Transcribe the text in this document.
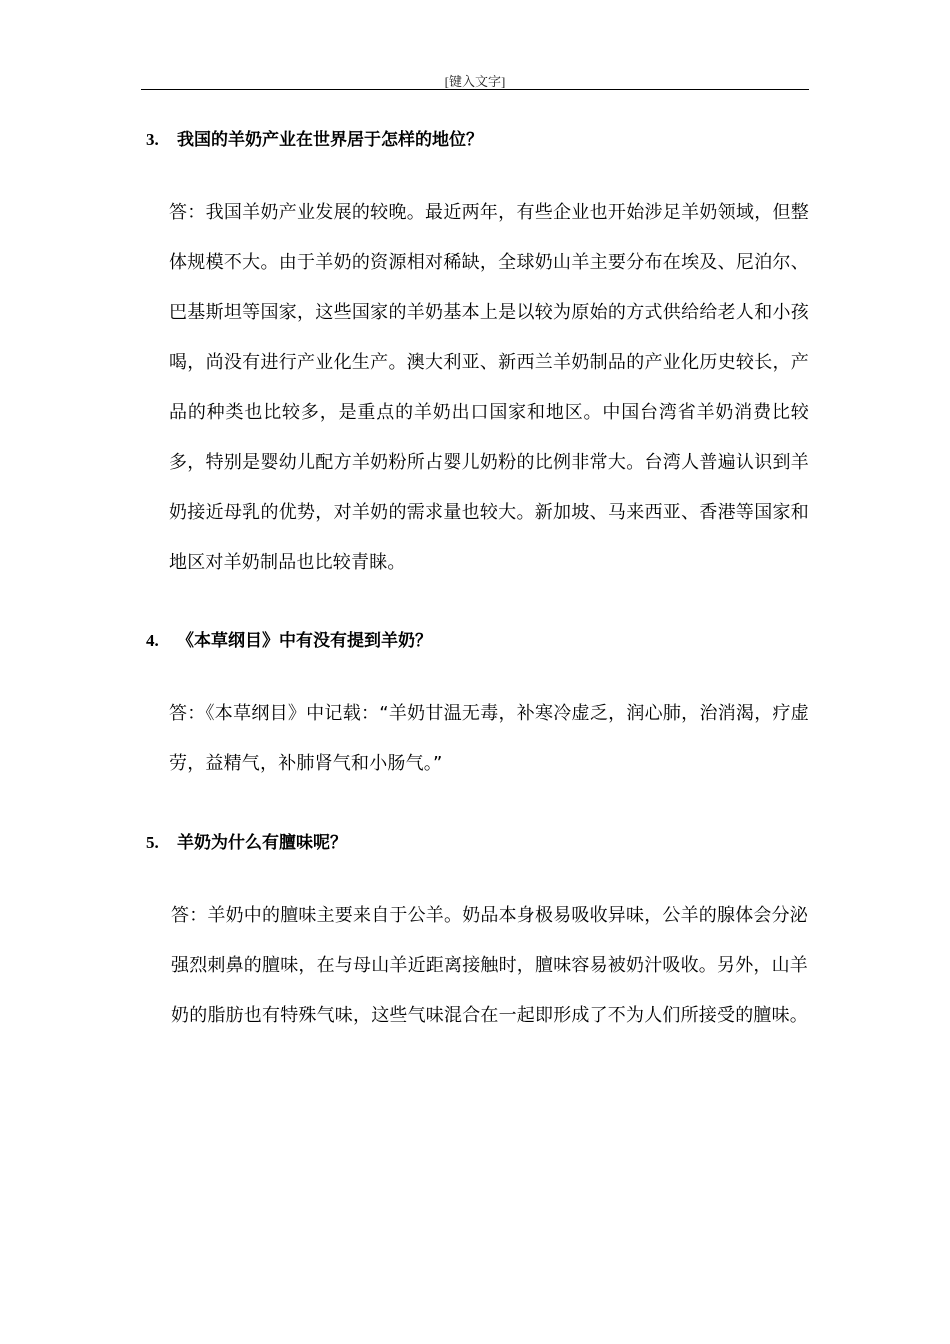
[键入文字]
3. 我国的羊奶产业在世界居于怎样的地位？
答：我国羊奶产业发展的较晚。最近两年，有些企业也开始涉足羊奶领域，但整体规模不大。由于羊奶的资源相对稀缺，全球奶山羊主要分布在埃及、尼泊尔、巴基斯坦等国家，这些国家的羊奶基本上是以较为原始的方式供给给老人和小孩喝，尚没有进行产业化生产。澳大利亚、新西兰羊奶制品的产业化历史较长，产品的种类也比较多，是重点的羊奶出口国家和地区。中国台湾省羊奶消费比较多，特别是婴幼儿配方羊奶粉所占婴儿奶粉的比例非常大。台湾人普遍认识到羊奶接近母乳的优势，对羊奶的需求量也较大。新加坡、马来西亚、香港等国家和地区对羊奶制品也比较青睐。
4. 《本草纲目》中有没有提到羊奶？
答：《本草纲目》中记载：“羊奶甘温无毒，补寒冷虚乏，润心肺，治消渴，疗虚劳，益精气，补肺肾气和小肠气。”
5. 羊奶为什么有膻味呢？
答：羊奶中的膻味主要来自于公羊。奶品本身极易吸收异味，公羊的腺体会分泌强烈刺鼻的膻味，在与母山羊近距离接触时，膻味容易被奶汁吸收。另外，山羊奶的脂肪也有特殊气味，这些气味混合在一起即形成了不为人们所接受的膻味。
